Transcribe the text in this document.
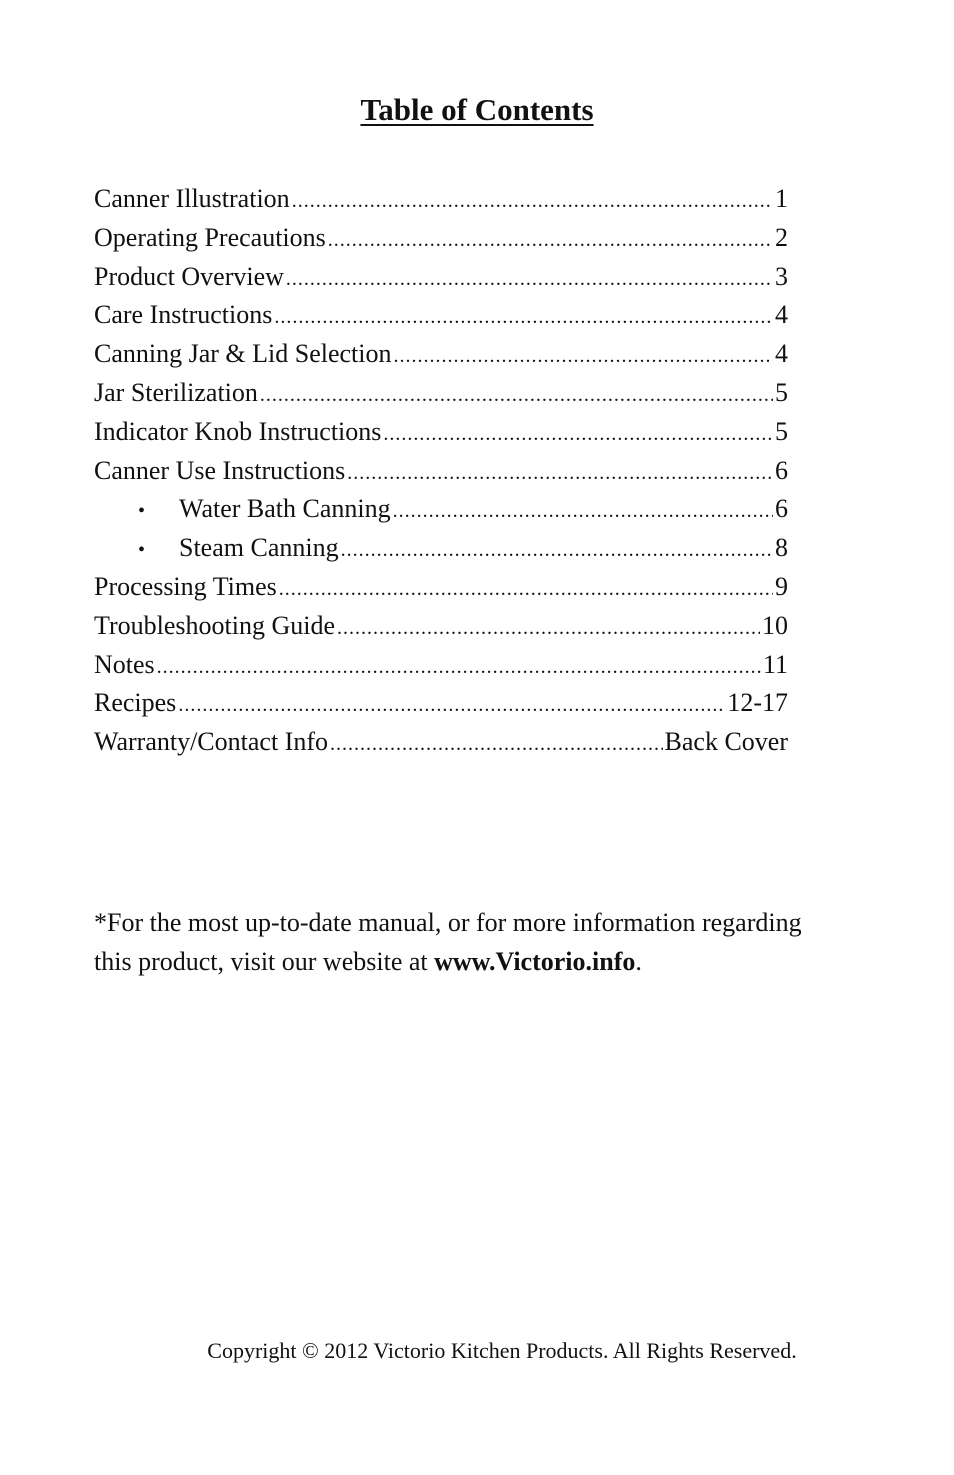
Table of Contents
Canner Illustration .....	1
Operating Precautions .....	2
Product Overview .....	3
Care Instructions .....	4
Canning Jar & Lid Selection .....	4
Jar Sterilization .....	5
Indicator Knob Instructions .....	5
Canner Use Instructions .....	6
•	Water Bath Canning .....	6
•	Steam Canning .....	8
Processing Times .....	9
Troubleshooting Guide .....	10
Notes .....	11
Recipes .....	12-17
Warranty/Contact Info .....	Back Cover
*For the most up-to-date manual, or for more information regarding this product, visit our website at www.Victorio.info.
Copyright © 2012 Victorio Kitchen Products. All Rights Reserved.
